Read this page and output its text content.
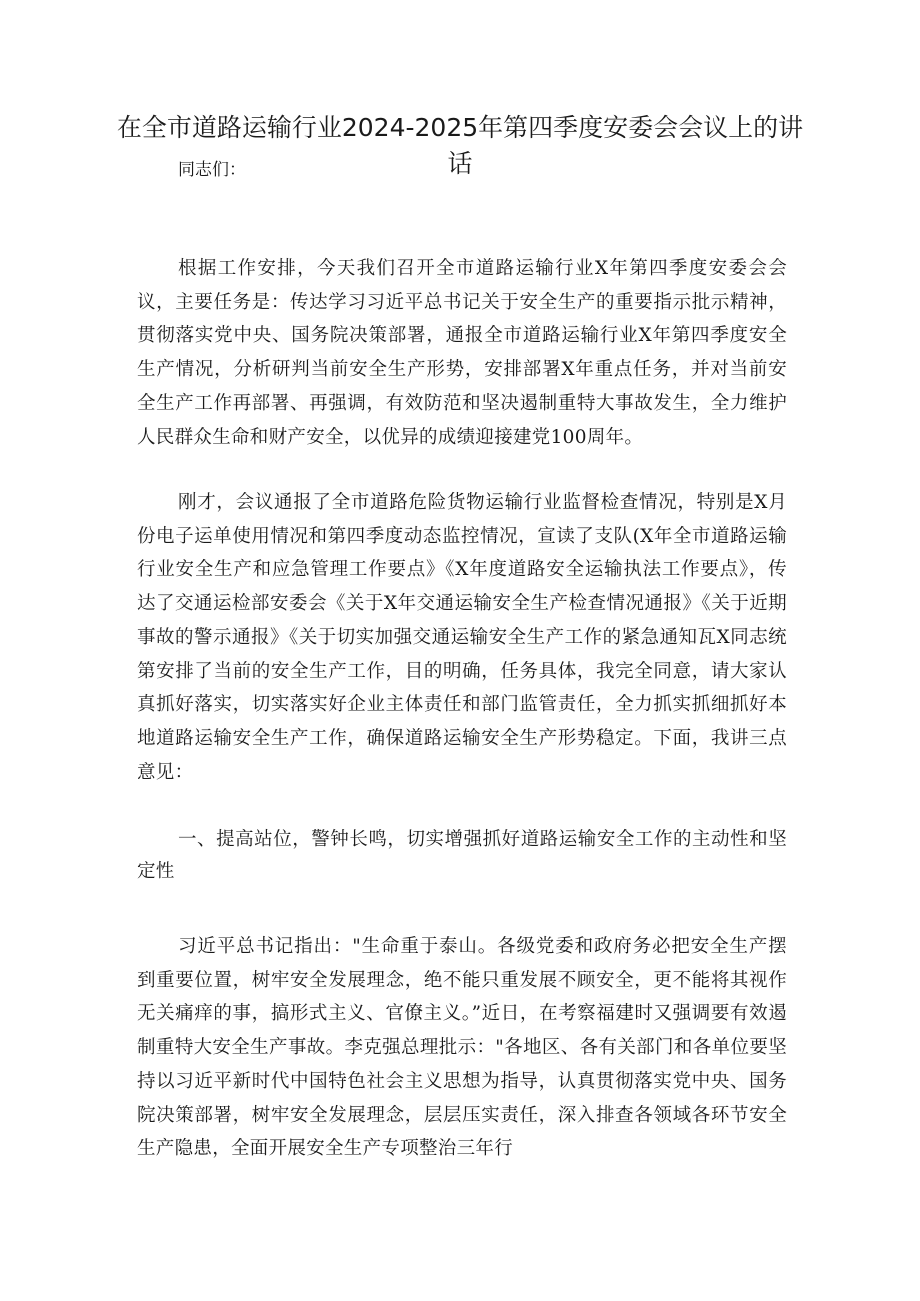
在全市道路运输行业2024-2025年第四季度安委会会议上的讲话

同志们：

根据工作安排，今天我们召开全市道路运输行业X年第四季度安委会会议，主要任务是：传达学习习近平总书记关于安全生产的重要指示批示精神，贯彻落实党中央、国务院决策部署，通报全市道路运输行业X年第四季度安全生产情况，分析研判当前安全生产形势，安排部署X年重点任务，并对当前安全生产工作再部署、再强调，有效防范和坚决遏制重特大事故发生，全力维护人民群众生命和财产安全，以优异的成绩迎接建党100周年。

刚才，会议通报了全市道路危险货物运输行业监督检查情况，特别是X月份电子运单使用情况和第四季度动态监控情况，宣读了支队(X年全市道路运输行业安全生产和应急管理工作要点》《X年度道路安全运输执法工作要点》，传达了交通运检部安委会《关于X年交通运输安全生产检查情况通报》《关于近期事故的警示通报》《关于切实加强交通运输安全生产工作的紧急通知瓦X同志统第安排了当前的安全生产工作，目的明确，任务具体，我完全同意，请大家认真抓好落实，切实落实好企业主体责任和部门监管责任，全力抓实抓细抓好本地道路运输安全生产工作，确保道路运输安全生产形势稳定。下面，我讲三点意见：

一、提高站位，警钟长鸣，切实增强抓好道路运输安全工作的主动性和坚定性

习近平总书记指出："生命重于泰山。各级党委和政府务必把安全生产摆到重要位置，树牢安全发展理念，绝不能只重发展不顾安全，更不能将其视作无关痛痒的事，搞形式主义、官僚主义。”近日，在考察福建时又强调要有效遏制重特大安全生产事故。李克强总理批示："各地区、各有关部门和各单位要坚持以习近平新时代中国特色社会主义思想为指导，认真贯彻落实党中央、国务院决策部署，树牢安全发展理念，层层压实责任，深入排查各领域各环节安全生产隐患，全面开展安全生产专项整治三年行
